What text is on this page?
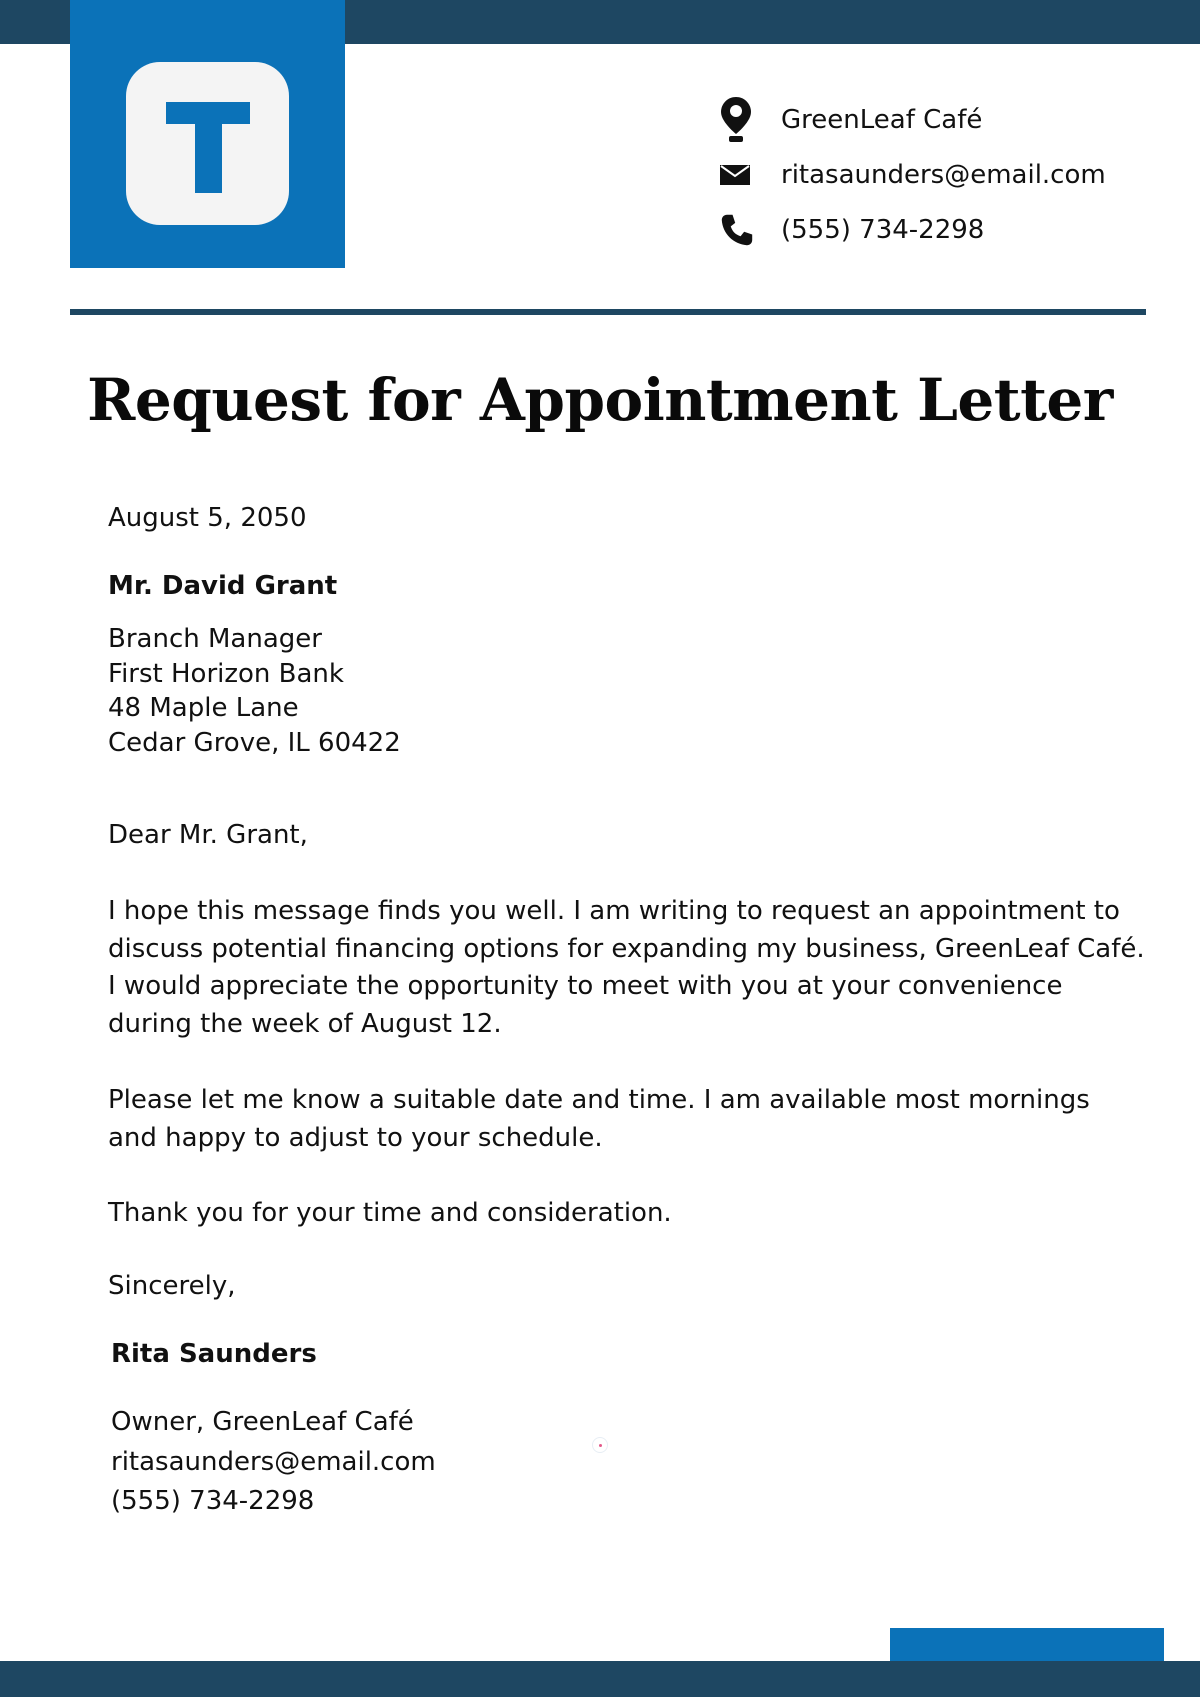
GreenLeaf Café
ritasaunders@email.com
(555) 734-2298
Request for Appointment Letter
August 5, 2050
Mr. David Grant
Branch Manager
First Horizon Bank
48 Maple Lane
Cedar Grove, IL 60422
Dear Mr. Grant,
I hope this message finds you well. I am writing to request an appointment to
discuss potential financing options for expanding my business, GreenLeaf Café.
I would appreciate the opportunity to meet with you at your convenience
during the week of August 12.
Please let me know a suitable date and time. I am available most mornings
and happy to adjust to your schedule.
Thank you for your time and consideration.
Sincerely,
Rita Saunders
Owner, GreenLeaf Café
ritasaunders@email.com
(555) 734-2298
